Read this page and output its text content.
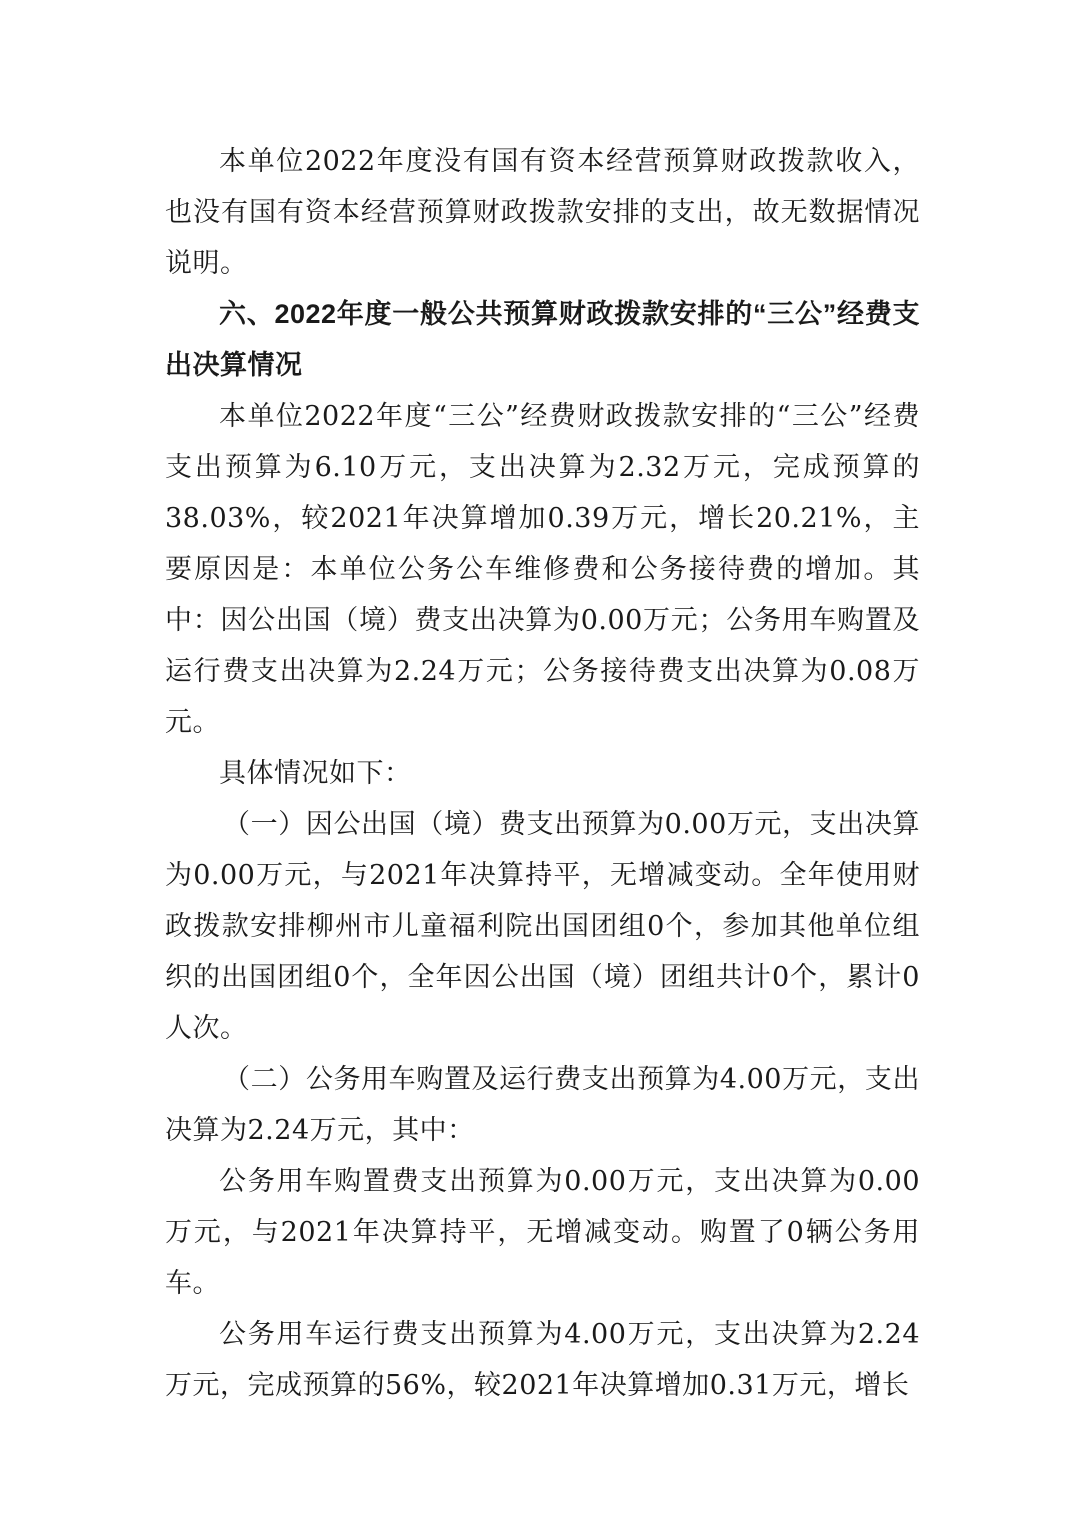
本单位2022年度没有国有资本经营预算财政拨款收入，也没有国有资本经营预算财政拨款安排的支出，故无数据情况说明。

六、2022年度一般公共预算财政拨款安排的“三公”经费支出决算情况

本单位2022年度“三公”经费财政拨款安排的“三公”经费支出预算为6.10万元，支出决算为2.32万元，完成预算的38.03%，较2021年决算增加0.39万元，增长20.21%，主要原因是：本单位公务公车维修费和公务接待费的增加。其中：因公出国（境）费支出决算为0.00万元；公务用车购置及运行费支出决算为2.24万元；公务接待费支出决算为0.08万元。

具体情况如下：

（一）因公出国（境）费支出预算为0.00万元，支出决算为0.00万元，与2021年决算持平，无增减变动。全年使用财政拨款安排柳州市儿童福利院出国团组0个，参加其他单位组织的出国团组0个，全年因公出国（境）团组共计0个，累计0人次。

（二）公务用车购置及运行费支出预算为4.00万元，支出决算为2.24万元，其中：

公务用车购置费支出预算为0.00万元，支出决算为0.00万元，与2021年决算持平，无增减变动。购置了0辆公务用车。

公务用车运行费支出预算为4.00万元，支出决算为2.24万元，完成预算的56%，较2021年决算增加0.31万元，增长
